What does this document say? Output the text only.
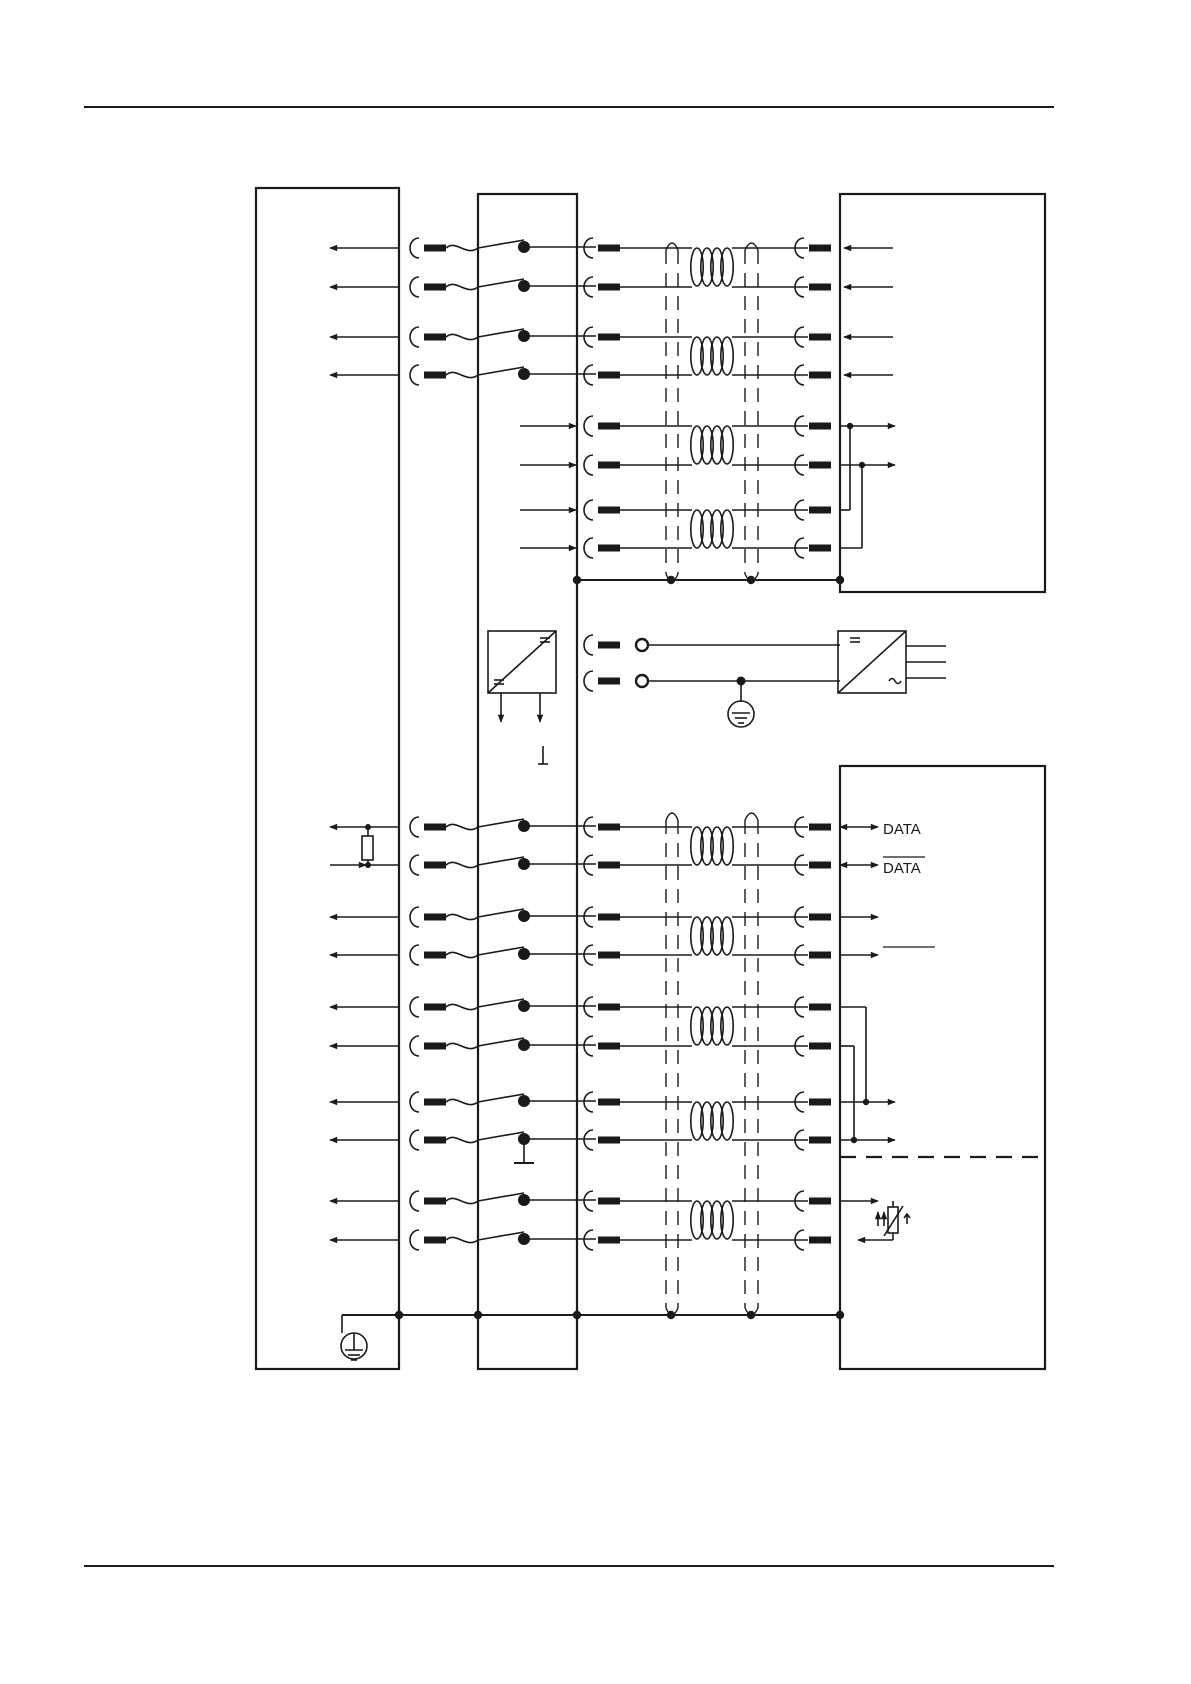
DATA
DATA
